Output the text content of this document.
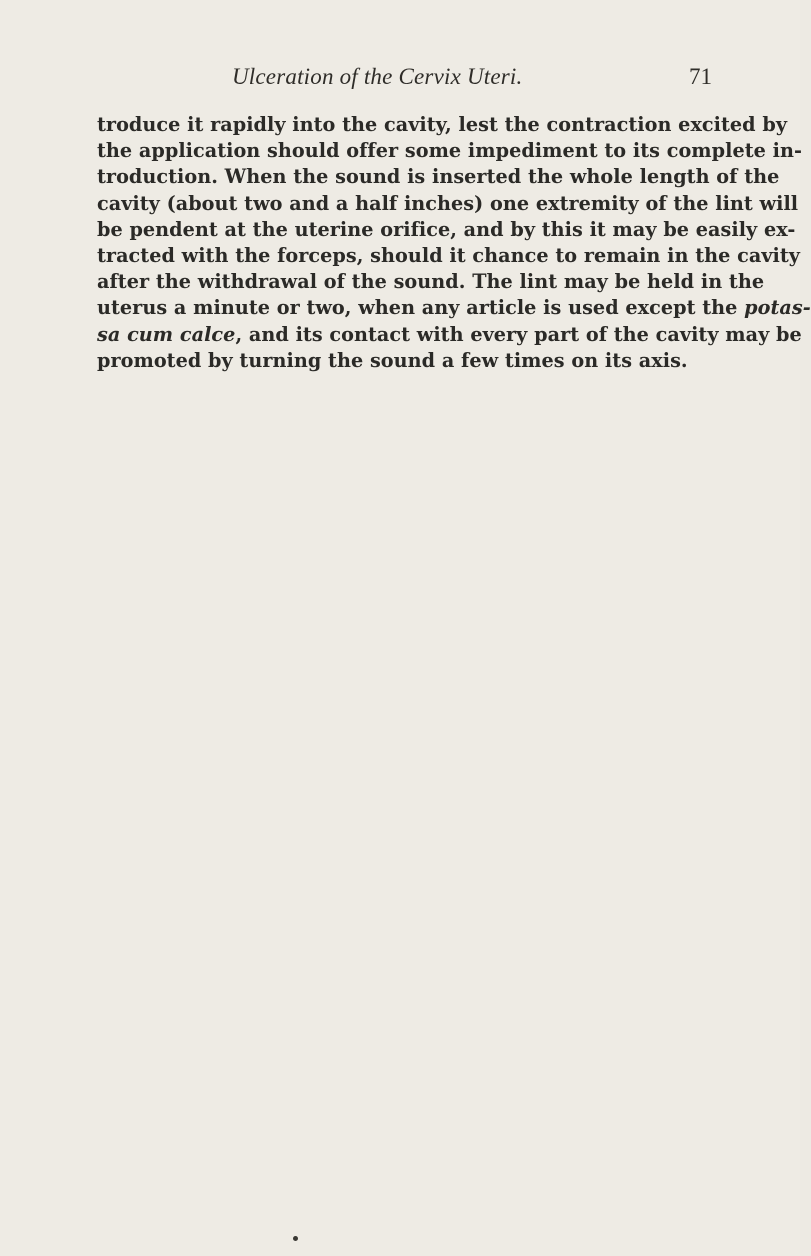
Ulceration of the Cervix Uteri.	71
troduce it rapidly into the cavity, lest the contraction excited by
the application should offer some impediment to its complete in-
troduction. When the sound is inserted the whole length of the
cavity (about two and a half inches) one extremity of the lint will
be pendent at the uterine orifice, and by this it may be easily ex-
tracted with the forceps, should it chance to remain in the cavity
after the withdrawal of the sound. The lint may be held in the
uterus a minute or two, when any article is used except the potas-
sa cum calce, and its contact with every part of the cavity may be
promoted by turning the sound a few times on its axis.
